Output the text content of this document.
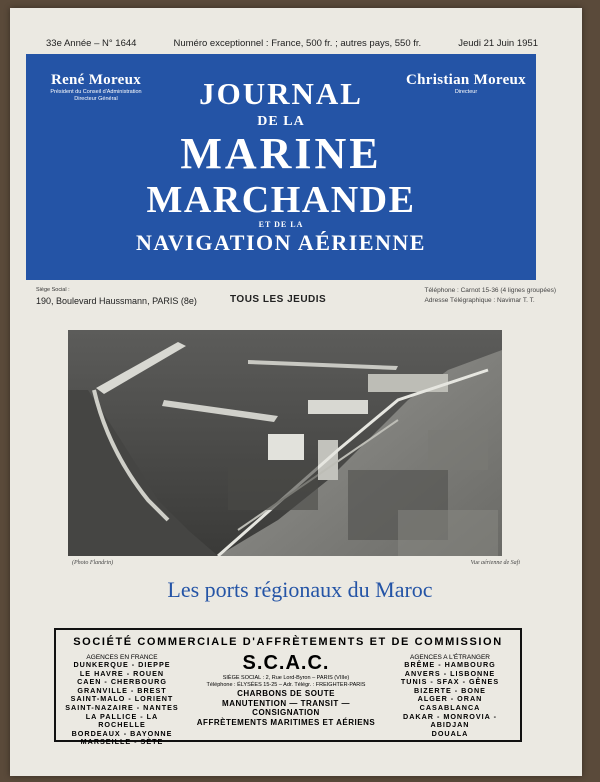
33e Année – N° 1644	Numéro exceptionnel : France, 500 fr. ; autres pays, 550 fr.	Jeudi 21 Juin 1951
René Moreux
Président du Conseil d'Administration
Directeur Général
Christian Moreux
Directeur
JOURNAL
DE LA
MARINE
MARCHANDE
ET DE LA
NAVIGATION AÉRIENNE
Siège Social :
190, Boulevard Haussmann, PARIS (8e)	TOUS LES JEUDIS
Téléphone : Carnot 15-36 (4 lignes groupées)
Adresse Télégraphique : Navimar T. T.
(Photo Flandrin)	Vue aérienne de Safi
Les ports régionaux du Maroc
SOCIÉTÉ COMMERCIALE D'AFFRÈTEMENTS ET DE COMMISSION
AGENCES EN FRANCE
DUNKERQUE - DIEPPE
LE HAVRE - ROUEN
CAEN - CHERBOURG
GRANVILLE - BREST
SAINT-MALO - LORIENT
SAINT-NAZAIRE - NANTES
LA PALLICE - LA ROCHELLE
BORDEAUX - BAYONNE
MARSEILLE - SÈTE
S.C.A.C.
SIÈGE SOCIAL : 2, Rue Lord-Byron – PARIS (VIIIe)
Téléphone : ÉLYSÉES 15-25 – Adr. Télégr. : FREIGHTER-PARIS
CHARBONS DE SOUTE
MANUTENTION — TRANSIT — CONSIGNATION
AFFRÈTEMENTS MARITIMES ET AÉRIENS
AGENCES A L'ÉTRANGER
BRÊME - HAMBOURG
ANVERS - LISBONNE
TUNIS - SFAX - GÊNES
BIZERTE - BONE
ALGER - ORAN
CASABLANCA
DAKAR - MONROVIA - ABIDJAN
DOUALA
